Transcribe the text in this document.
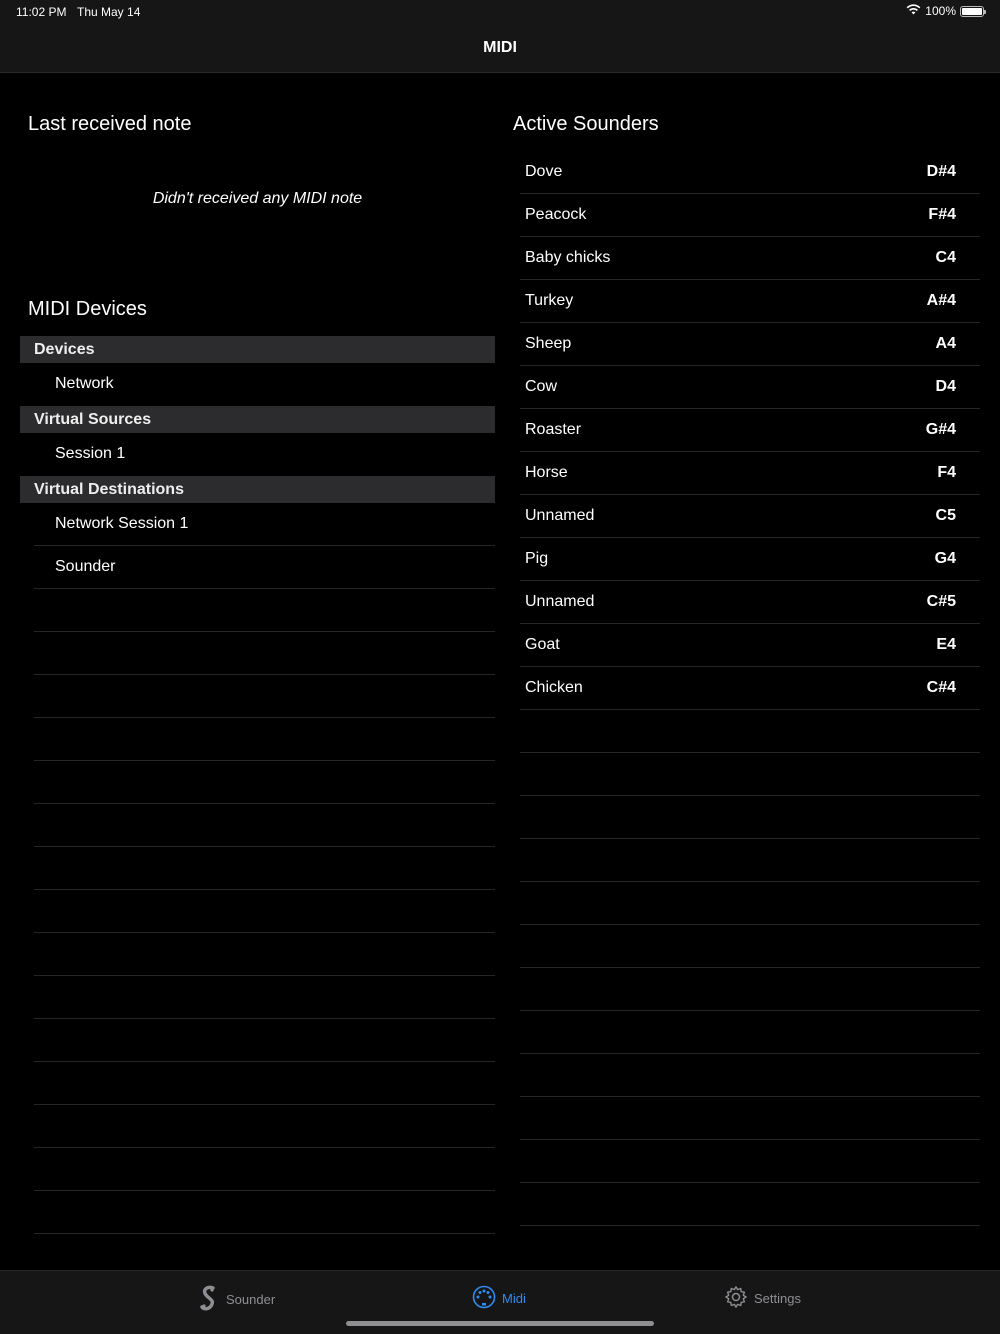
11:02 PM Thu May 14	100%
MIDI
Last received note
Didn't received any MIDI note
MIDI Devices
Devices
Network
Virtual Sources
Session 1
Virtual Destinations
Network Session 1
Sounder
Active Sounders
Dove	D#4
Peacock	F#4
Baby chicks	C4
Turkey	A#4
Sheep	A4
Cow	D4
Roaster	G#4
Horse	F4
Unnamed	C5
Pig	G4
Unnamed	C#5
Goat	E4
Chicken	C#4
Sounder	Midi	Settings
